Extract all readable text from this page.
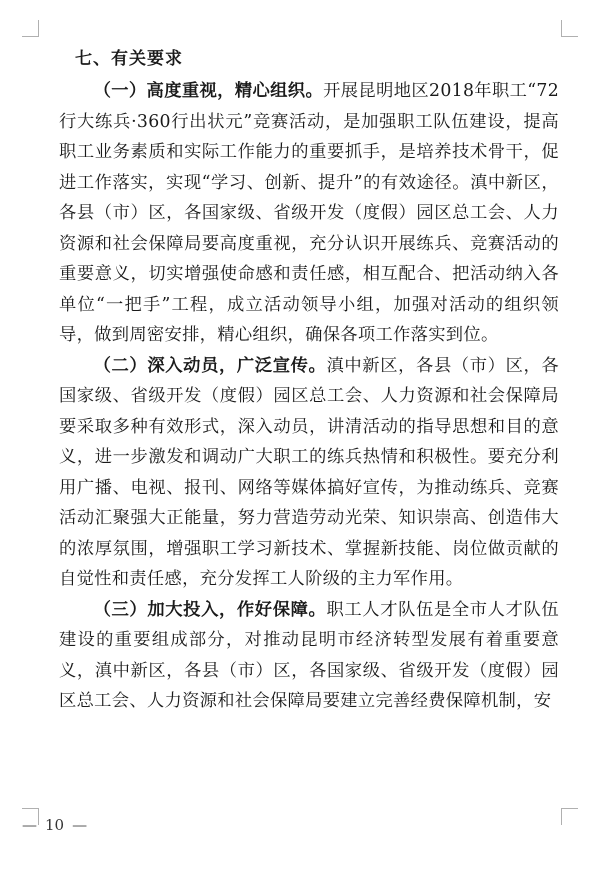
七、有关要求

（一）高度重视，精心组织。开展昆明地区2018年职工“72行大练兵·360行出状元”竞赛活动，是加强职工队伍建设，提高职工业务素质和实际工作能力的重要抓手，是培养技术骨干，促进工作落实，实现“学习、创新、提升”的有效途径。滇中新区，各县（市）区，各国家级、省级开发（度假）园区总工会、人力资源和社会保障局要高度重视，充分认识开展练兵、竞赛活动的重要意义，切实增强使命感和责任感，相互配合、把活动纳入各单位“一把手”工程，成立活动领导小组，加强对活动的组织领导，做到周密安排，精心组织，确保各项工作落实到位。

（二）深入动员，广泛宣传。滇中新区，各县（市）区，各国家级、省级开发（度假）园区总工会、人力资源和社会保障局要采取多种有效形式，深入动员，讲清活动的指导思想和目的意义，进一步激发和调动广大职工的练兵热情和积极性。要充分利用广播、电视、报刊、网络等媒体搞好宣传，为推动练兵、竞赛活动汇聚强大正能量，努力营造劳动光荣、知识崇高、创造伟大的浓厚氛围，增强职工学习新技术、掌握新技能、岗位做贡献的自觉性和责任感，充分发挥工人阶级的主力军作用。

（三）加大投入，作好保障。职工人才队伍是全市人才队伍建设的重要组成部分，对推动昆明市经济转型发展有着重要意义，滇中新区，各县（市）区，各国家级、省级开发（度假）园区总工会、人力资源和社会保障局要建立完善经费保障机制，安

— 10 —
